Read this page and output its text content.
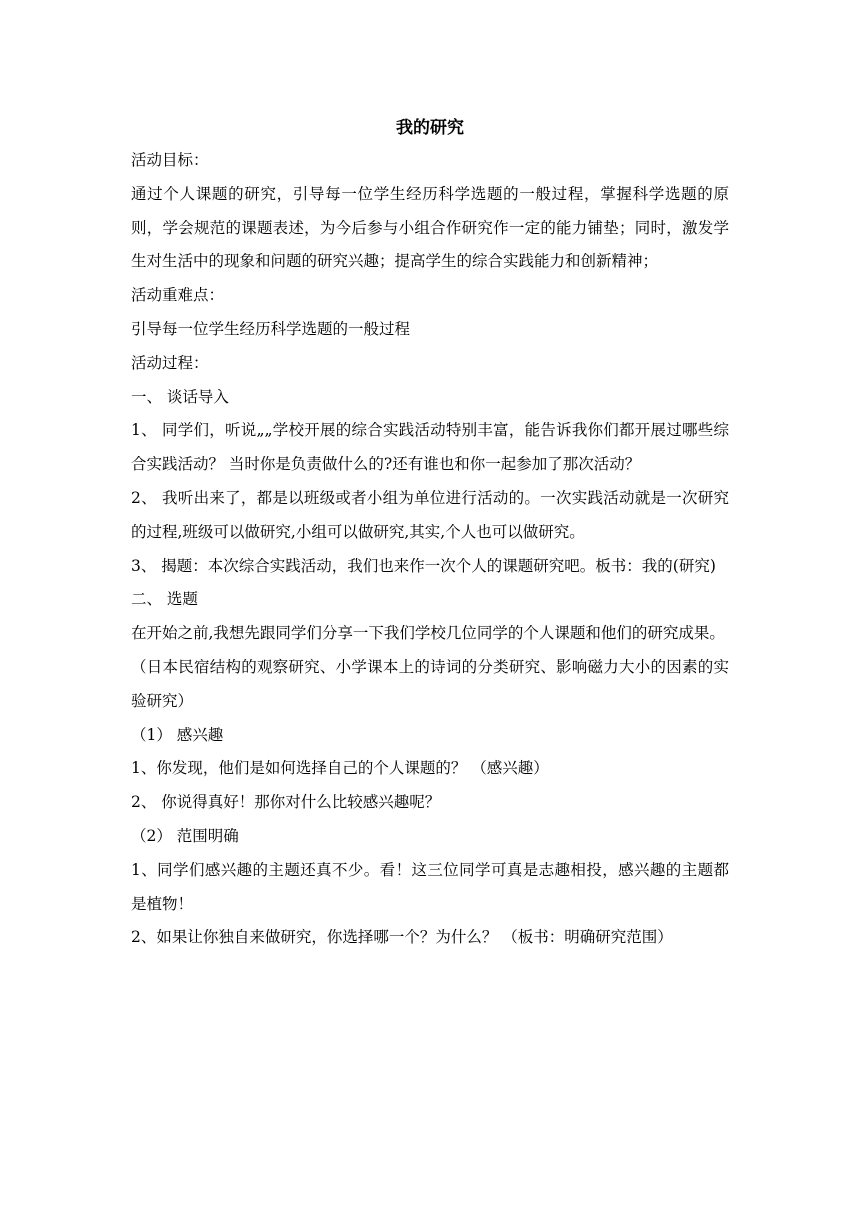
我的研究

活动目标：

通过个人课题的研究，引导每一位学生经历科学选题的一般过程，掌握科学选题的原则，学会规范的课题表述，为今后参与小组合作研究作一定的能力铺垫；同时，激发学生对生活中的现象和问题的研究兴趣；提高学生的综合实践能力和创新精神；

活动重难点：

引导每一位学生经历科学选题的一般过程

活动过程：

一、 谈话导入

1、 同学们，听说„„学校开展的综合实践活动特别丰富，能告诉我你们都开展过哪些综合实践活动？ 当时你是负责做什么的?还有谁也和你一起参加了那次活动？

2、 我听出来了，都是以班级或者小组为单位进行活动的。一次实践活动就是一次研究的过程,班级可以做研究,小组可以做研究,其实,个人也可以做研究。

3、 揭题：本次综合实践活动，我们也来作一次个人的课题研究吧。板书：我的(研究)

二、 选题

在开始之前,我想先跟同学们分享一下我们学校几位同学的个人课题和他们的研究成果。

（日本民宿结构的观察研究、小学课本上的诗词的分类研究、影响磁力大小的因素的实验研究）

（1） 感兴趣

1、你发现，他们是如何选择自己的个人课题的？ （感兴趣）

2、 你说得真好！那你对什么比较感兴趣呢？

（2） 范围明确

1、同学们感兴趣的主题还真不少。看！这三位同学可真是志趣相投，感兴趣的主题都是植物！

2、如果让你独自来做研究，你选择哪一个？为什么？ （板书：明确研究范围）
